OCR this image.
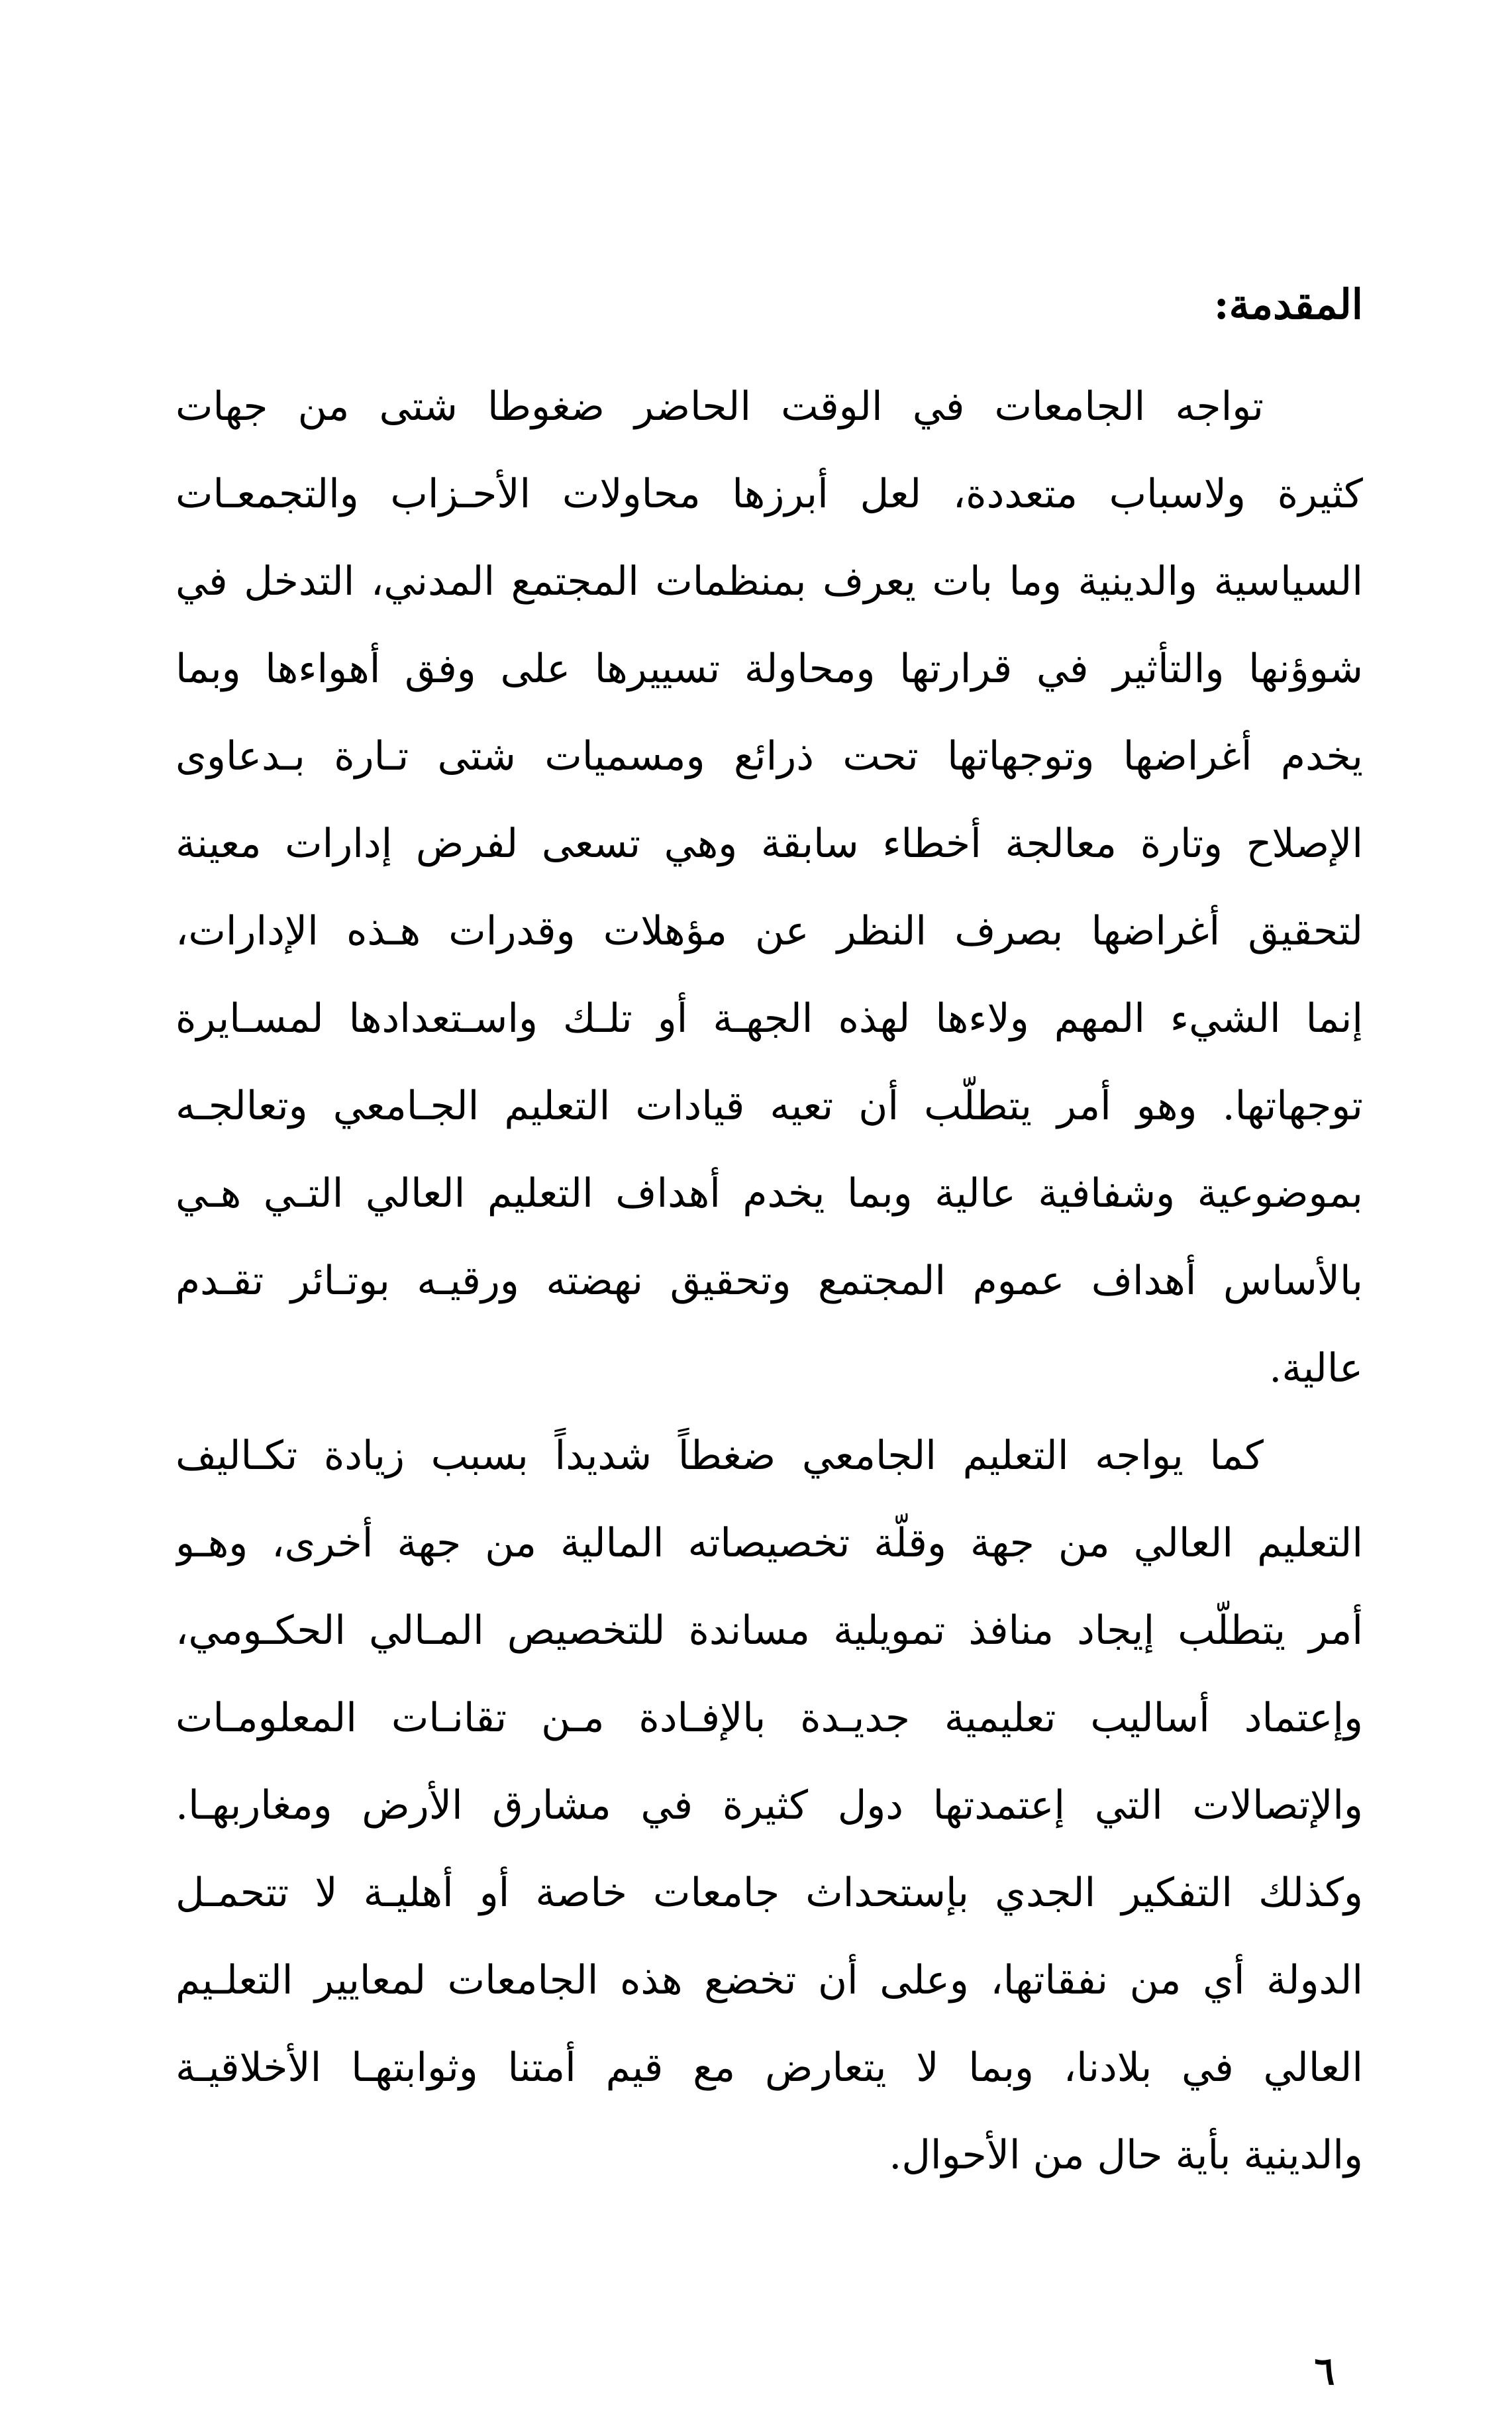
المقدمة:
تواجه الجامعات في الوقت الحاضر ضغوطا شتى من جهات
كثيرة ولاسباب متعددة، لعل أبرزها محاولات الأحـزاب والتجمعـات
السياسية والدينية وما بات يعرف بمنظمات المجتمع المدني، التدخل في
شوؤنها والتأثير في قرارتها ومحاولة تسييرها على وفق أهواءها وبما
يخدم أغراضها وتوجهاتها تحت ذرائع ومسميات شتى تـارة بـدعاوى
الإصلاح وتارة معالجة أخطاء سابقة وهي تسعى لفرض إدارات معينة
لتحقيق أغراضها بصرف النظر عن مؤهلات وقدرات هـذه الإدارات،
إنما الشيء المهم ولاءها لهذه الجهـة أو تلـك واسـتعدادها لمسـايرة
توجهاتها. وهو أمر يتطلّب أن تعيه قيادات التعليم الجـامعي وتعالجـه
بموضوعية وشفافية عالية وبما يخدم أهداف التعليم العالي التـي هـي
بالأساس أهداف عموم المجتمع وتحقيق نهضته ورقيـه بوتـائر تقـدم
عالية.
كما يواجه التعليم الجامعي ضغطاً شديداً بسبب زيادة تكـاليف
التعليم العالي من جهة وقلّة تخصيصاته المالية من جهة أخرى، وهـو
أمر يتطلّب إيجاد منافذ تمويلية مساندة للتخصيص المـالي الحكـومي،
وإعتماد أساليب تعليمية جديـدة بالإفـادة مـن تقانـات المعلومـات
والإتصالات التي إعتمدتها دول كثيرة في مشارق الأرض ومغاربهـا.
وكذلك التفكير الجدي بإستحداث جامعات خاصة أو أهليـة لا تتحمـل
الدولة أي من نفقاتها، وعلى أن تخضع هذه الجامعات لمعايير التعلـيم
العالي في بلادنا، وبما لا يتعارض مع قيم أمتنا وثوابتهـا الأخلاقيـة
والدينية بأية حال من الأحوال.
٦
